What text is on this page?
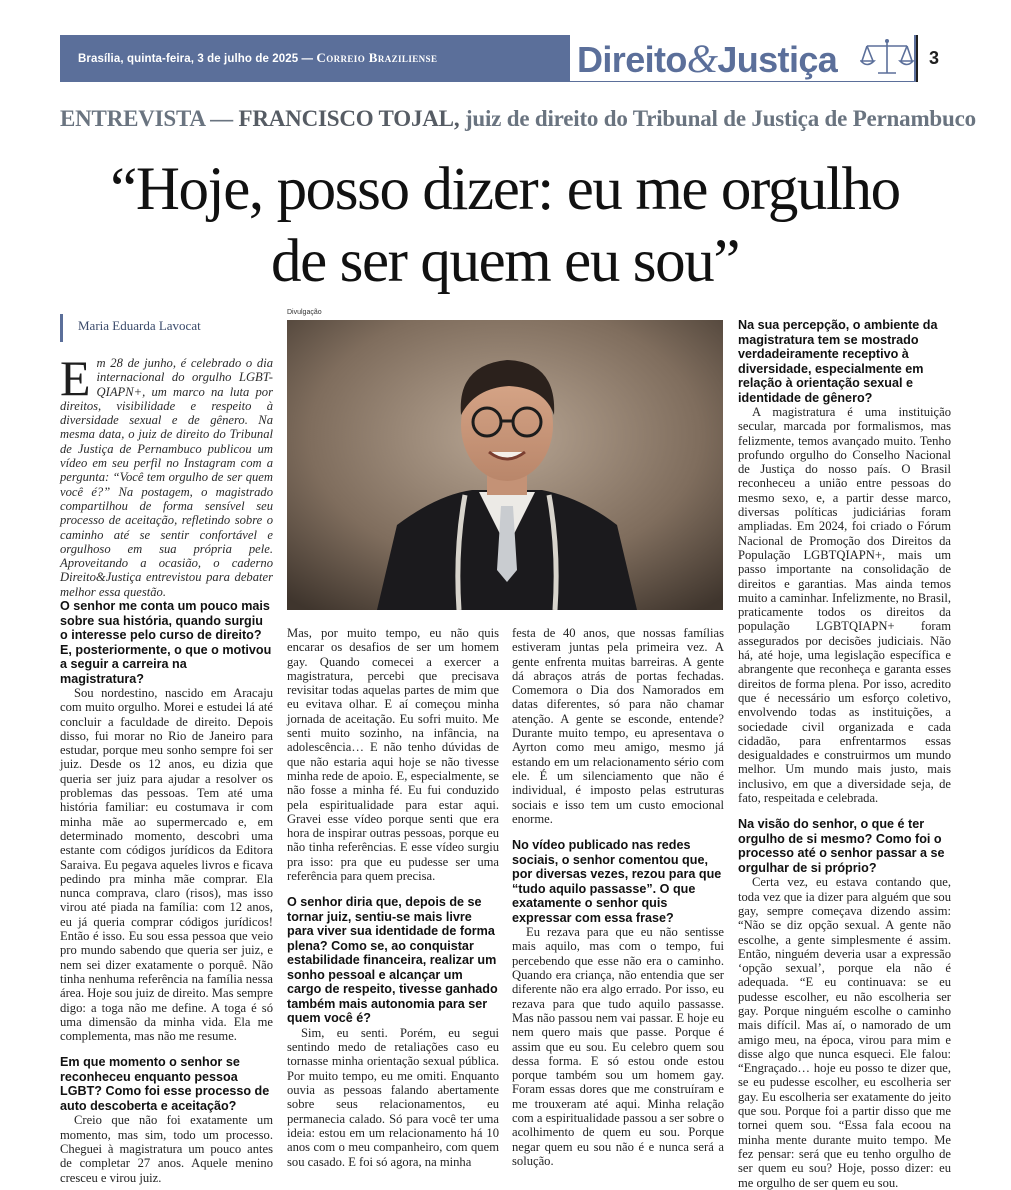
Brasília, quinta-feira, 3 de julho de 2025 — Correio Braziliense	Direito&Justiça	3
ENTREVISTA — FRANCISCO TOJAL, juiz de direito do Tribunal de Justiça de Pernambuco
“Hoje, posso dizer: eu me orgulho
de ser quem eu sou”
Maria Eduarda Lavocat
Divulgação
Em 28 de junho, é celebrado o dia internacional do orgulho LGBT-QIAPN+, um marco na luta por direitos, visibilidade e respeito à diversidade sexual e de gênero. Na mesma data, o juiz de direito do Tribunal de Justiça de Pernambuco publicou um vídeo em seu perfil no Instagram com a pergunta: “Você tem orgulho de ser quem você é?” Na postagem, o magistrado compartilhou de forma sensível seu processo de aceitação, refletindo sobre o caminho até se sentir confortável e orgulhoso em sua própria pele. Aproveitando a ocasião, o caderno Direito&Justiça entrevistou para debater melhor essa questão.
O senhor me conta um pouco mais sobre sua história, quando surgiu o interesse pelo curso de direito? E, posteriormente, o que o motivou a seguir a carreira na magistratura?

Sou nordestino, nascido em Aracaju com muito orgulho. Morei e estudei lá até concluir a faculdade de direito. Depois disso, fui morar no Rio de Janeiro para estudar, porque meu sonho sempre foi ser juiz. Desde os 12 anos, eu dizia que queria ser juiz para ajudar a resolver os problemas das pessoas. Tem até uma história familiar: eu costumava ir com minha mãe ao supermercado e, em determinado momento, descobri uma estante com códigos jurídicos da Editora Saraiva. Eu pegava aqueles livros e ficava pedindo pra minha mãe comprar. Ela nunca comprava, claro (risos), mas isso virou até piada na família: com 12 anos, eu já queria comprar códigos jurídicos! Então é isso. Eu sou essa pessoa que veio pro mundo sabendo que queria ser juiz, e nem sei dizer exatamente o porquê. Não tinha nenhuma referência na família nessa área. Hoje sou juiz de direito. Mas sempre digo: a toga não me define. A toga é só uma dimensão da minha vida. Ela me complementa, mas não me resume.

Em que momento o senhor se reconheceu enquanto pessoa LGBT? Como foi esse processo de auto descoberta e aceitação?

Creio que não foi exatamente um momento, mas sim, todo um processo. Cheguei à magistratura um pouco antes de completar 27 anos. Aquele menino cresceu e virou juiz.

Mas, por muito tempo, eu não quis encarar os desafios de ser um homem gay. Quando comecei a exercer a magistratura, percebi que precisava revisitar todas aquelas partes de mim que eu evitava olhar. E aí começou minha jornada de aceitação. Eu sofri muito. Me senti muito sozinho, na infância, na adolescência… E não tenho dúvidas de que não estaria aqui hoje se não tivesse minha rede de apoio. E, especialmente, se não fosse a minha fé. Eu fui conduzido pela espiritualidade para estar aqui. Gravei esse vídeo porque senti que era hora de inspirar outras pessoas, porque eu não tinha referências. E esse vídeo surgiu pra isso: pra que eu pudesse ser uma referência para quem precisa.

O senhor diria que, depois de se tornar juiz, sentiu-se mais livre para viver sua identidade de forma plena? Como se, ao conquistar estabilidade financeira, realizar um sonho pessoal e alcançar um cargo de respeito, tivesse ganhado também mais autonomia para ser quem você é?

Sim, eu senti. Porém, eu segui sentindo medo de retaliações caso eu tornasse minha orientação sexual pública. Por muito tempo, eu me omiti. Enquanto ouvia as pessoas falando abertamente sobre seus relacionamentos, eu permanecia calado. Só para você ter uma ideia: estou em um relacionamento há 10 anos com o meu companheiro, com quem sou casado. E foi só agora, na minha

festa de 40 anos, que nossas famílias estiveram juntas pela primeira vez. A gente enfrenta muitas barreiras. A gente dá abraços atrás de portas fechadas. Comemora o Dia dos Namorados em datas diferentes, só para não chamar atenção. A gente se esconde, entende? Durante muito tempo, eu apresentava o Ayrton como meu amigo, mesmo já estando em um relacionamento sério com ele. É um silenciamento que não é individual, é imposto pelas estruturas sociais e isso tem um custo emocional enorme.

No vídeo publicado nas redes sociais, o senhor comentou que, por diversas vezes, rezou para que “tudo aquilo passasse”. O que exatamente o senhor quis expressar com essa frase?

Eu rezava para que eu não sentisse mais aquilo, mas com o tempo, fui percebendo que esse não era o caminho. Quando era criança, não entendia que ser diferente não era algo errado. Por isso, eu rezava para que tudo aquilo passasse. Mas não passou nem vai passar. E hoje eu nem quero mais que passe. Porque é assim que eu sou. Eu celebro quem sou dessa forma. E só estou onde estou porque também sou um homem gay. Foram essas dores que me construíram e me trouxeram até aqui. Minha relação com a espiritualidade passou a ser sobre o acolhimento de quem eu sou. Porque negar quem eu sou não é e nunca será a solução.

Na sua percepção, o ambiente da magistratura tem se mostrado verdadeiramente receptivo à diversidade, especialmente em relação à orientação sexual e identidade de gênero?

A magistratura é uma instituição secular, marcada por formalismos, mas felizmente, temos avançado muito. Tenho profundo orgulho do Conselho Nacional de Justiça do nosso país. O Brasil reconheceu a união entre pessoas do mesmo sexo, e, a partir desse marco, diversas políticas judiciárias foram ampliadas. Em 2024, foi criado o Fórum Nacional de Promoção dos Direitos da População LGBTQIAPN+, mais um passo importante na consolidação de direitos e garantias. Mas ainda temos muito a caminhar. Infelizmente, no Brasil, praticamente todos os direitos da população LGBTQIAPN+ foram assegurados por decisões judiciais. Não há, até hoje, uma legislação específica e abrangente que reconheça e garanta esses direitos de forma plena. Por isso, acredito que é necessário um esforço coletivo, envolvendo todas as instituições, a sociedade civil organizada e cada cidadão, para enfrentarmos essas desigualdades e construirmos um mundo melhor. Um mundo mais justo, mais inclusivo, em que a diversidade seja, de fato, respeitada e celebrada.

Na visão do senhor, o que é ter orgulho de si mesmo? Como foi o processo até o senhor passar a se orgulhar de si próprio?

Certa vez, eu estava contando que, toda vez que ia dizer para alguém que sou gay, sempre começava dizendo assim: “Não se diz opção sexual. A gente não escolhe, a gente simplesmente é assim. Então, ninguém deveria usar a expressão ‘opção sexual’, porque ela não é adequada. “E eu continuava: se eu pudesse escolher, eu não escolheria ser gay. Porque ninguém escolhe o caminho mais difícil. Mas aí, o namorado de um amigo meu, na época, virou para mim e disse algo que nunca esqueci. Ele falou: “Engraçado… hoje eu posso te dizer que, se eu pudesse escolher, eu escolheria ser gay. Eu escolheria ser exatamente do jeito que sou. Porque foi a partir disso que me tornei quem sou. “Essa fala ecoou na minha mente durante muito tempo. Me fez pensar: será que eu tenho orgulho de ser quem eu sou? Hoje, posso dizer: eu me orgulho de ser quem eu sou.
